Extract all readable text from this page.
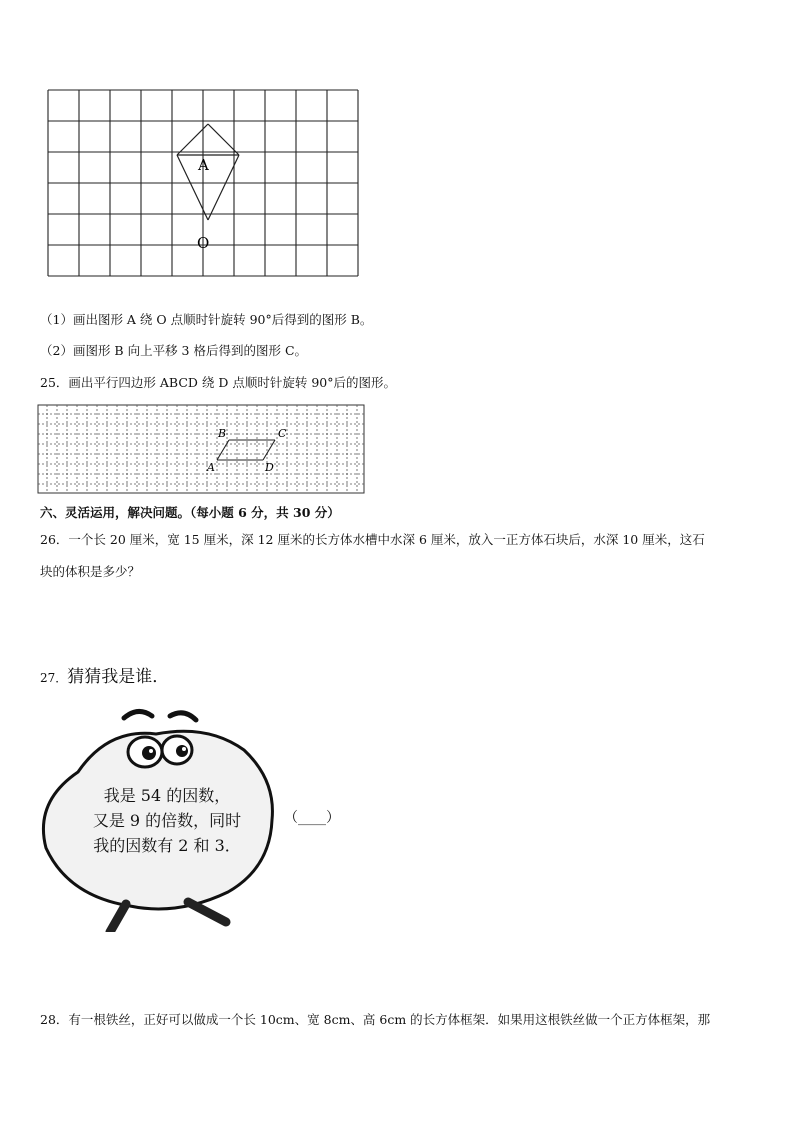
A
O
（1）画出图形 A 绕 O 点顺时针旋转 90°后得到的图形 B。
（2）画图形 B 向上平移 3 格后得到的图形 C。
25．画出平行四边形 ABCD 绕 D 点顺时针旋转 90°后的图形。
B	C
A	D
六、灵活运用，解决问题。（每小题 6 分，共 30 分）
26．一个长 20 厘米，宽 15 厘米，深 12 厘米的长方体水槽中水深 6 厘米，放入一正方体石块后，水深 10 厘米，这石
块的体积是多少？
27．猜猜我是谁．
我是 54 的因数，
又是 9 的倍数，同时
我的因数有 2 和 3．
（____）
28．有一根铁丝，正好可以做成一个长 10cm、宽 8cm、高 6cm 的长方体框架．如果用这根铁丝做一个正方体框架，那
